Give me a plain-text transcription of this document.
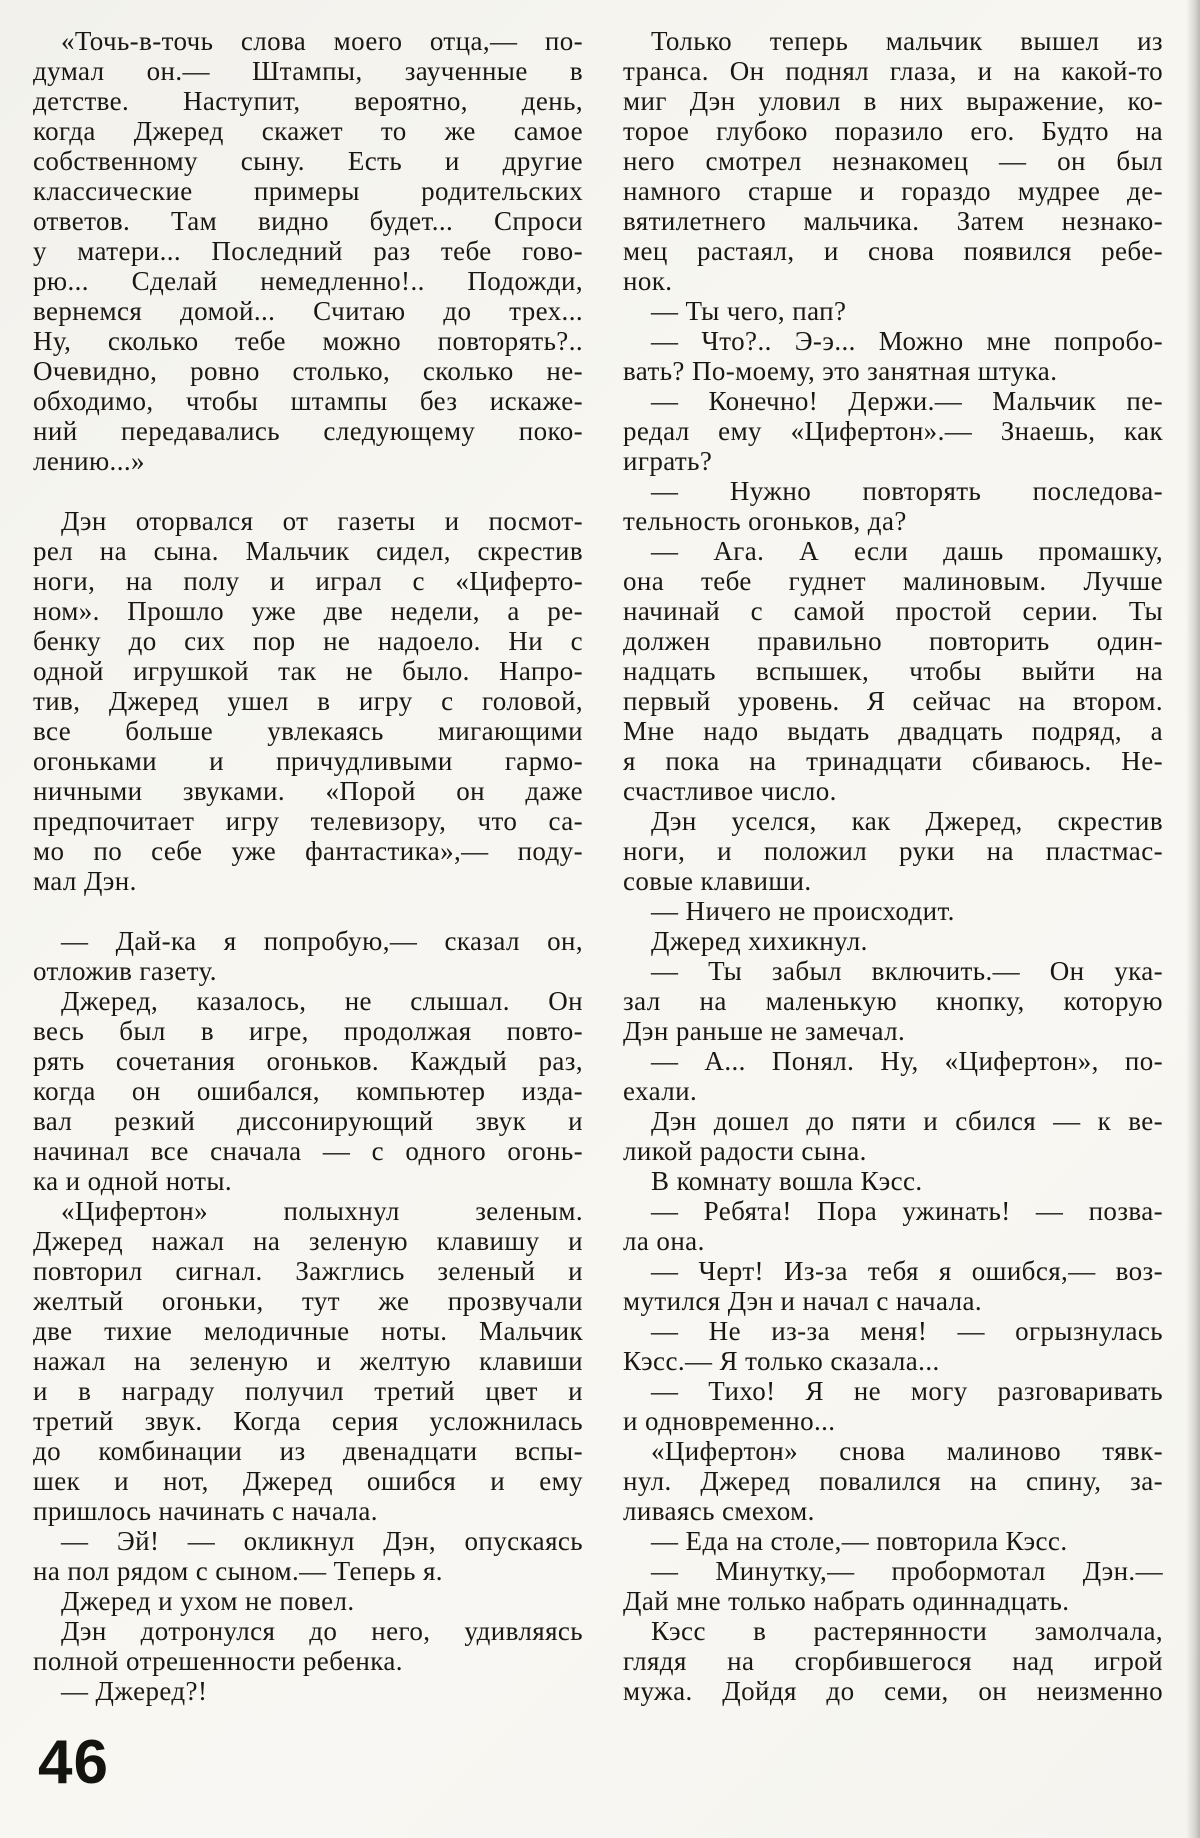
«Точь-в-точь слова моего отца,— по-
думал он.— Штампы, заученные в
детстве. Наступит, вероятно, день,
когда Джеред скажет то же самое
собственному сыну. Есть и другие
классические примеры родительских
ответов. Там видно будет... Спроси
у матери... Последний раз тебе гово-
рю... Сделай немедленно!.. Подожди,
вернемся домой... Считаю до трех...
Ну, сколько тебе можно повторять?..
Очевидно, ровно столько, сколько не-
обходимо, чтобы штампы без искаже-
ний передавались следующему поко-
лению...»
Дэн оторвался от газеты и посмот-
рел на сына. Мальчик сидел, скрестив
ноги, на полу и играл с «Циферто-
ном». Прошло уже две недели, а ре-
бенку до сих пор не надоело. Ни с
одной игрушкой так не было. Напро-
тив, Джеред ушел в игру с головой,
все больше увлекаясь мигающими
огоньками и причудливыми гармо-
ничными звуками. «Порой он даже
предпочитает игру телевизору, что са-
мо по себе уже фантастика»,— поду-
мал Дэн.
— Дай-ка я попробую,— сказал он,
отложив газету.
Джеред, казалось, не слышал. Он
весь был в игре, продолжая повто-
рять сочетания огоньков. Каждый раз,
когда он ошибался, компьютер изда-
вал резкий диссонирующий звук и
начинал все сначала — с одного огонь-
ка и одной ноты.
«Цифертон» полыхнул зеленым.
Джеред нажал на зеленую клавишу и
повторил сигнал. Зажглись зеленый и
желтый огоньки, тут же прозвучали
две тихие мелодичные ноты. Мальчик
нажал на зеленую и желтую клавиши
и в награду получил третий цвет и
третий звук. Когда серия усложнилась
до комбинации из двенадцати вспы-
шек и нот, Джеред ошибся и ему
пришлось начинать с начала.
— Эй! — окликнул Дэн, опускаясь
на пол рядом с сыном.— Теперь я.
Джеред и ухом не повел.
Дэн дотронулся до него, удивляясь
полной отрешенности ребенка.
— Джеред?!
Только теперь мальчик вышел из
транса. Он поднял глаза, и на какой-то
миг Дэн уловил в них выражение, ко-
торое глубоко поразило его. Будто на
него смотрел незнакомец — он был
намного старше и гораздо мудрее де-
вятилетнего мальчика. Затем незнако-
мец растаял, и снова появился ребе-
нок.
— Ты чего, пап?
— Что?.. Э-э... Можно мне попробо-
вать? По-моему, это занятная штука.
— Конечно! Держи.— Мальчик пе-
редал ему «Цифертон».— Знаешь, как
играть?
— Нужно повторять последова-
тельность огоньков, да?
— Ага. А если дашь промашку,
она тебе гуднет малиновым. Лучше
начинай с самой простой серии. Ты
должен правильно повторить один-
надцать вспышек, чтобы выйти на
первый уровень. Я сейчас на втором.
Мне надо выдать двадцать подряд, а
я пока на тринадцати сбиваюсь. Не-
счастливое число.
Дэн уселся, как Джеред, скрестив
ноги, и положил руки на пластмас-
совые клавиши.
— Ничего не происходит.
Джеред хихикнул.
— Ты забыл включить.— Он ука-
зал на маленькую кнопку, которую
Дэн раньше не замечал.
— А... Понял. Ну, «Цифертон», по-
ехали.
Дэн дошел до пяти и сбился — к ве-
ликой радости сына.
В комнату вошла Кэсс.
— Ребята! Пора ужинать! — позва-
ла она.
— Черт! Из-за тебя я ошибся,— воз-
мутился Дэн и начал с начала.
— Не из-за меня! — огрызнулась
Кэсс.— Я только сказала...
— Тихо! Я не могу разговаривать
и одновременно...
«Цифертон» снова малиново тявк-
нул. Джеред повалился на спину, за-
ливаясь смехом.
— Еда на столе,— повторила Кэсс.
— Минутку,— пробормотал Дэн.—
Дай мне только набрать одиннадцать.
Кэсс в растерянности замолчала,
глядя на сгорбившегося над игрой
мужа. Дойдя до семи, он неизменно
46
